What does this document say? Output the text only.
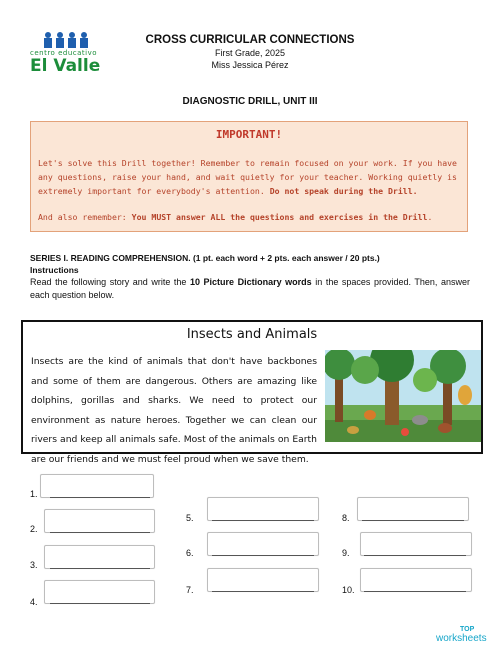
centro educativo
El Valle
CROSS CURRICULAR CONNECTIONS
First Grade, 2025
Miss Jessica Pérez
DIAGNOSTIC DRILL, UNIT III
IMPORTANT!
Let's solve this Drill together! Remember to remain focused on your work. If you have any questions, raise your hand, and wait quietly for your teacher. Working quietly is extremely important for everybody's attention. Do not speak during the Drill.
And also remember: You MUST answer ALL the questions and exercises in the Drill.
SERIES I. READING COMPREHENSION. (1 pt. each word + 2 pts. each answer / 20 pts.)
Instructions
Read the following story and write the 10 Picture Dictionary words in the spaces provided. Then, answer each question below.
Insects and Animals
Insects are the kind of animals that don't have backbones and some of them are dangerous. Others are amazing like dolphins, gorillas and sharks. We need to protect our environment as nature heroes. Together we can clean our rivers and keep all animals safe. Most of the animals on Earth are our friends and we must feel proud when we save them.
1.
2.
3.
4.
5.
6.
7.
8.
9.
10.
TOP
worksheets
